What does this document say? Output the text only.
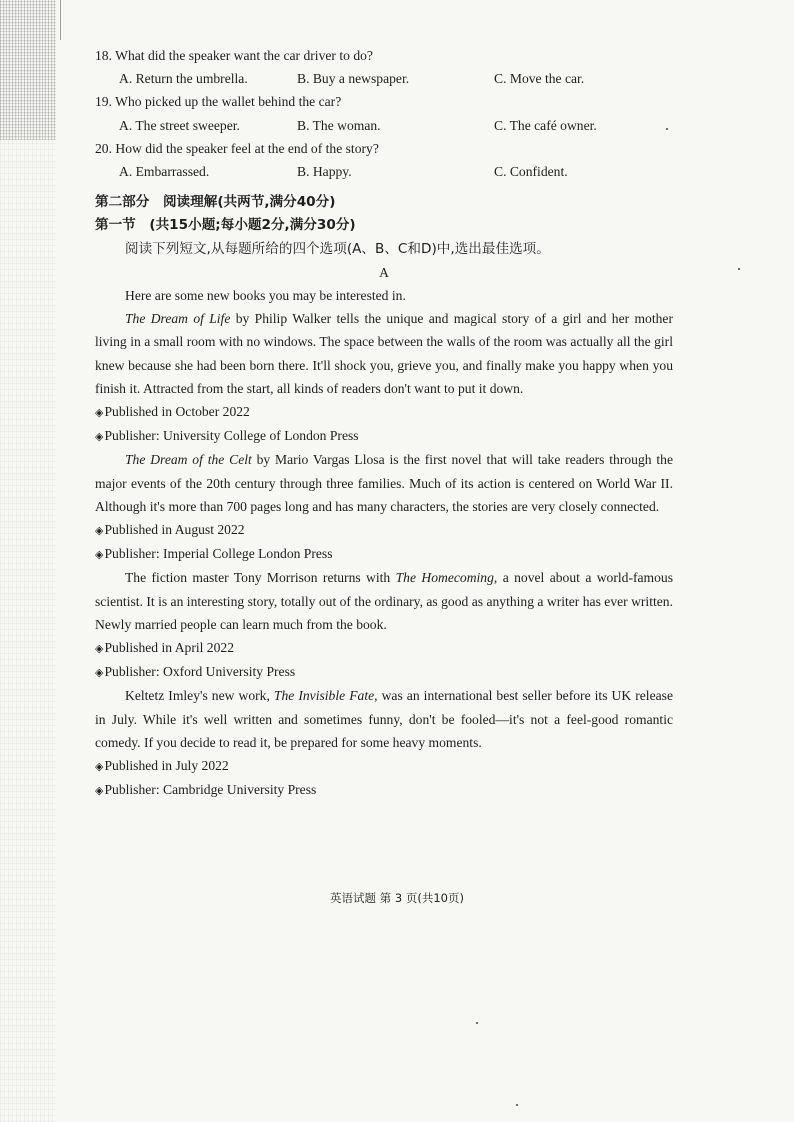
18. What did the speaker want the car driver to do?
A. Return the umbrella.	B. Buy a newspaper.	C. Move the car.
19. Who picked up the wallet behind the car?
A. The street sweeper.	B. The woman.	C. The café owner.
20. How did the speaker feel at the end of the story?
A. Embarrassed.	B. Happy.	C. Confident.
第二部分　阅读理解(共两节,满分40分)
第一节　(共15小题;每小题2分,满分30分)
阅读下列短文,从每题所给的四个选项(A、B、C和D)中,选出最佳选项。
A
Here are some new books you may be interested in.
The Dream of Life by Philip Walker tells the unique and magical story of a girl and her mother living in a small room with no windows. The space between the walls of the room was actually all the girl knew because she had been born there. It'll shock you, grieve you, and finally make you happy when you finish it. Attracted from the start, all kinds of readers don't want to put it down.
◈Published in October 2022
◈Publisher: University College of London Press
The Dream of the Celt by Mario Vargas Llosa is the first novel that will take readers through the major events of the 20th century through three families. Much of its action is centered on World War II. Although it's more than 700 pages long and has many characters, the stories are very closely connected.
◈Published in August 2022
◈Publisher: Imperial College London Press
The fiction master Tony Morrison returns with The Homecoming, a novel about a world-famous scientist. It is an interesting story, totally out of the ordinary, as good as anything a writer has ever written. Newly married people can learn much from the book.
◈Published in April 2022
◈Publisher: Oxford University Press
Keltetz Imley's new work, The Invisible Fate, was an international best seller before its UK release in July. While it's well written and sometimes funny, don't be fooled—it's not a feel-good romantic comedy. If you decide to read it, be prepared for some heavy moments.
◈Published in July 2022
◈Publisher: Cambridge University Press
英语试题 第 3 页(共10页)
